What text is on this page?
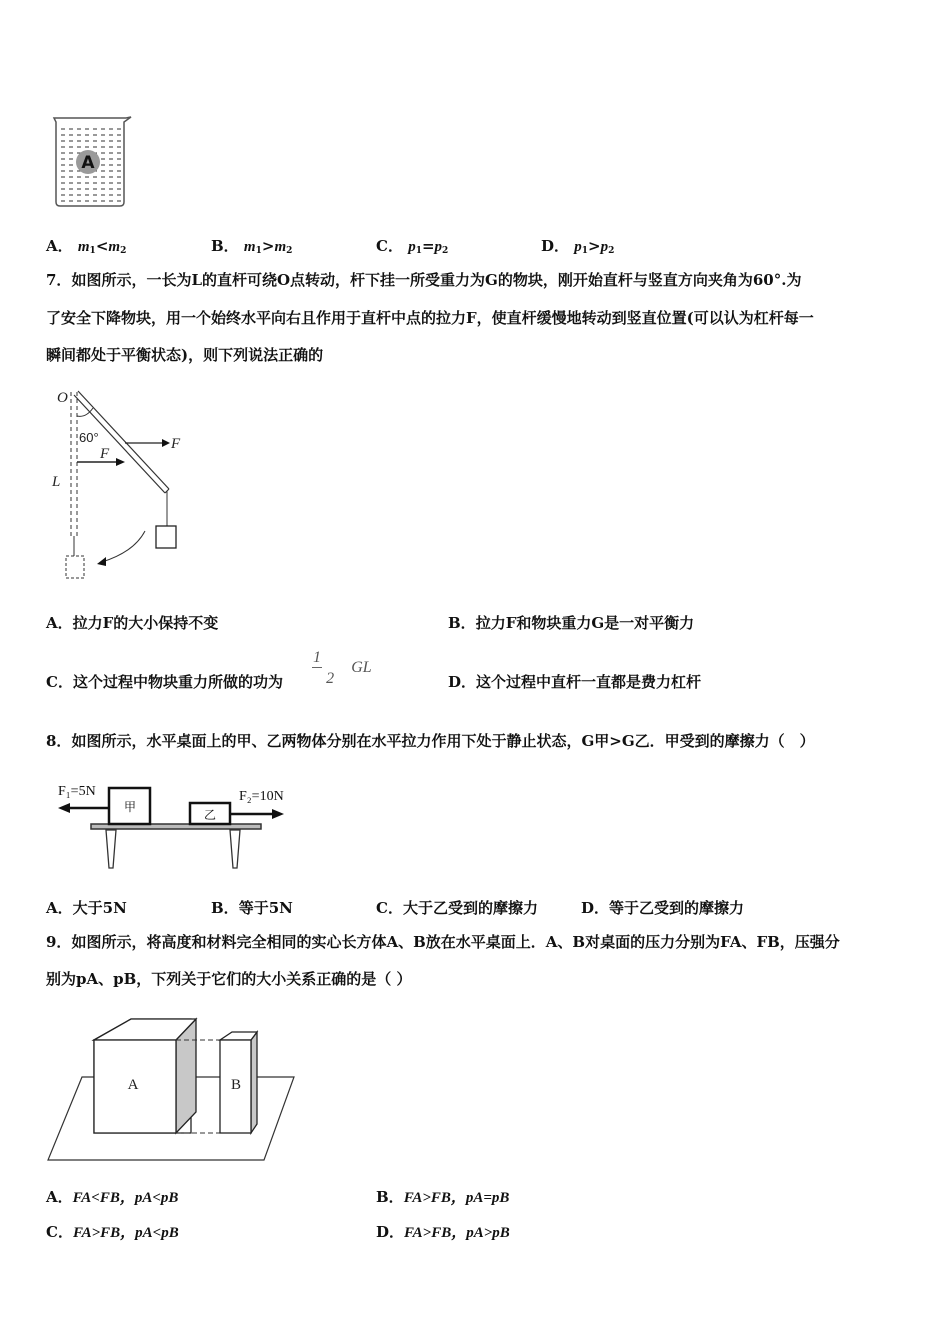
A
A． $m_1<m_2$	B． $m_1>m_2$	C． $p_1=p_2$	D． $p_1>p_2$
7．如图所示，一长为L的直杆可绕O点转动，杆下挂一所受重力为G的物块，刚开始直杆与竖直方向夹角为60°.为
了安全下降物块，用一个始终水平向右且作用于直杆中点的拉力F，使直杆缓慢地转动到竖直位置(可以认为杠杆每一
瞬间都处于平衡状态)，则下列说法正确的
O
60°	F
F
L
A．拉力F的大小保持不变	B．拉力F和物块重力G是一对平衡力
C．这个过程中物块重力所做的功为
1
2 GL
D．这个过程中直杆一直都是费力杠杆
8．如图所示，水平桌面上的甲、乙两物体分别在水平拉力作用下处于静止状态，G甲>G乙．甲受到的摩擦力（　）
F₁=5N	F₂=10N
甲
乙
A．大于5N	B．等于5N	C．大于乙受到的摩擦力	D．等于乙受到的摩擦力
9．如图所示，将高度和材料完全相同的实心长方体A、B放在水平桌面上．A、B对桌面的压力分别为FA、FB，压强分
别为pA、pB，下列关于它们的大小关系正确的是（ ）
A	B
A．FA<FB，pA<pB	B．FA>FB，pA=pB
C．FA>FB，pA<pB	D．FA>FB，pA>pB
